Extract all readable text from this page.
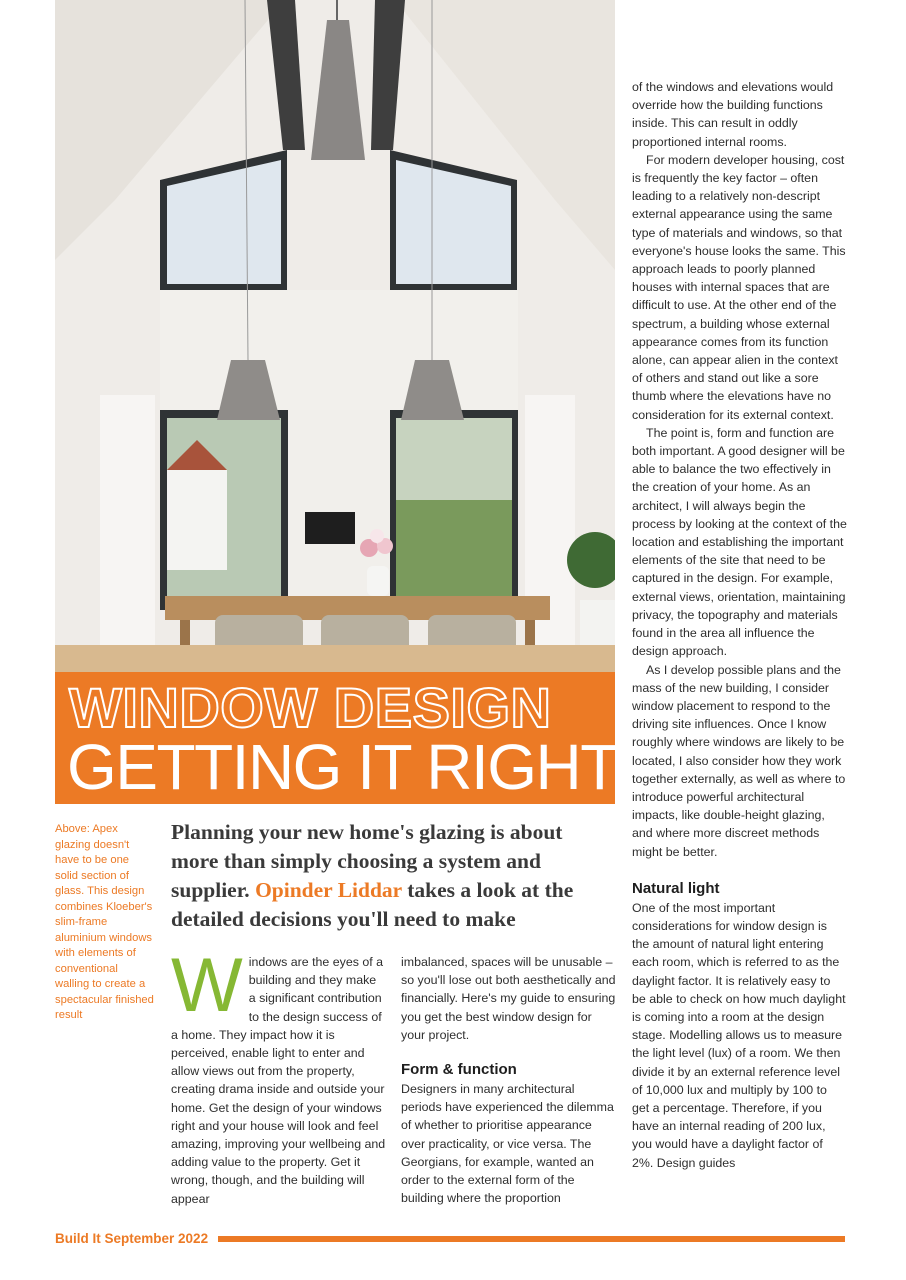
WINDOW DESIGN
GETTING IT RIGHT
Above: Apex glazing doesn't have to be one solid section of glass. This design combines Kloeber's slim-frame aluminium windows with elements of conventional walling to create a spectacular finished result
Planning your new home's glazing is about more than simply choosing a system and supplier. Opinder Liddar takes a look at the detailed decisions you'll need to make
W indows are the eyes of a building and they make a significant contribution to the design success of a home. They impact how it is perceived, enable light to enter and allow views out from the property, creating drama inside and outside your home. Get the design of your windows right and your house will look and feel amazing, improving your wellbeing and adding value to the property. Get it wrong, though, and the building will appear

imbalanced, spaces will be unusable – so you'll lose out both aesthetically and financially. Here's my guide to ensuring you get the best window design for your project.

Form & function

Designers in many architectural periods have experienced the dilemma of whether to prioritise appearance over practicality, or vice versa. The Georgians, for example, wanted an order to the external form of the building where the proportion

of the windows and elevations would override how the building functions inside. This can result in oddly proportioned internal rooms.

For modern developer housing, cost is frequently the key factor – often leading to a relatively non-descript external appearance using the same type of materials and windows, so that everyone's house looks the same. This approach leads to poorly planned houses with internal spaces that are difficult to use. At the other end of the spectrum, a building whose external appearance comes from its function alone, can appear alien in the context of others and stand out like a sore thumb where the elevations have no consideration for its external context.

The point is, form and function are both important. A good designer will be able to balance the two effectively in the creation of your home. As an architect, I will always begin the process by looking at the context of the location and establishing the important elements of the site that need to be captured in the design. For example, external views, orientation, maintaining privacy, the topography and materials found in the area all influence the design approach.

As I develop possible plans and the mass of the new building, I consider window placement to respond to the driving site influences. Once I know roughly where windows are likely to be located, I also consider how they work together externally, as well as where to introduce powerful architectural impacts, like double-height glazing, and where more discreet methods might be better.

Natural light

One of the most important considerations for window design is the amount of natural light entering each room, which is referred to as the daylight factor. It is relatively easy to be able to check on how much daylight is coming into a room at the design stage. Modelling allows us to measure the light level (lux) of a room. We then divide it by an external reference level of 10,000 lux and multiply by 100 to get a percentage. Therefore, if you have an internal reading of 200 lux, you would have a daylight factor of 2%. Design guides

Build It September 2022
